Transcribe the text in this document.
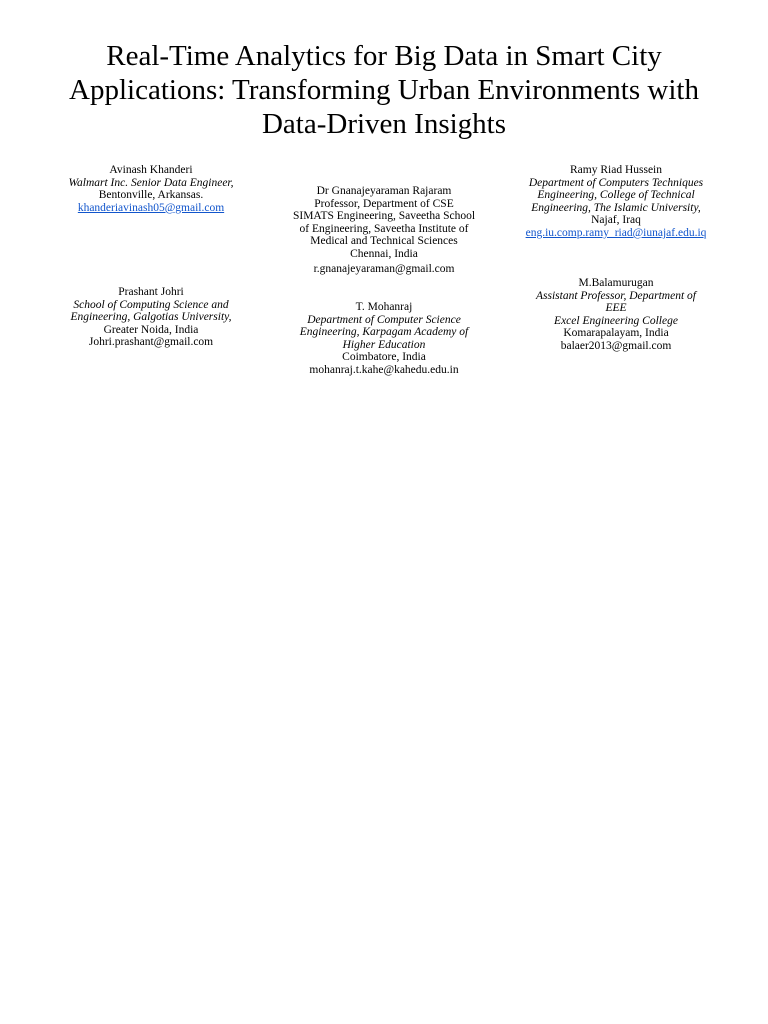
Real-Time Analytics for Big Data in Smart City Applications: Transforming Urban Environments with Data-Driven Insights
Avinash Khanderi
Walmart Inc. Senior Data Engineer,
Bentonville, Arkansas.
khanderiavinash05@gmail.com
Dr Gnanajeyaraman Rajaram
Professor, Department of CSE
SIMATS Engineering, Saveetha School
of Engineering, Saveetha Institute of
Medical and Technical Sciences
Chennai, India
r.gnanajeyaraman@gmail.com
Ramy Riad Hussein
Department of Computers Techniques
Engineering, College of Technical
Engineering, The Islamic University,
Najaf, Iraq
eng.iu.comp.ramy_riad@iunajaf.edu.iq
Prashant Johri
School of Computing Science and
Engineering, Galgotias University,
Greater Noida, India
Johri.prashant@gmail.com
T. Mohanraj
Department of Computer Science
Engineering, Karpagam Academy of
Higher Education
Coimbatore, India
mohanraj.t.kahe@kahedu.edu.in
M.Balamurugan
Assistant Professor, Department of
EEE
Excel Engineering College
Komarapalayam, India
balaer2013@gmail.com
